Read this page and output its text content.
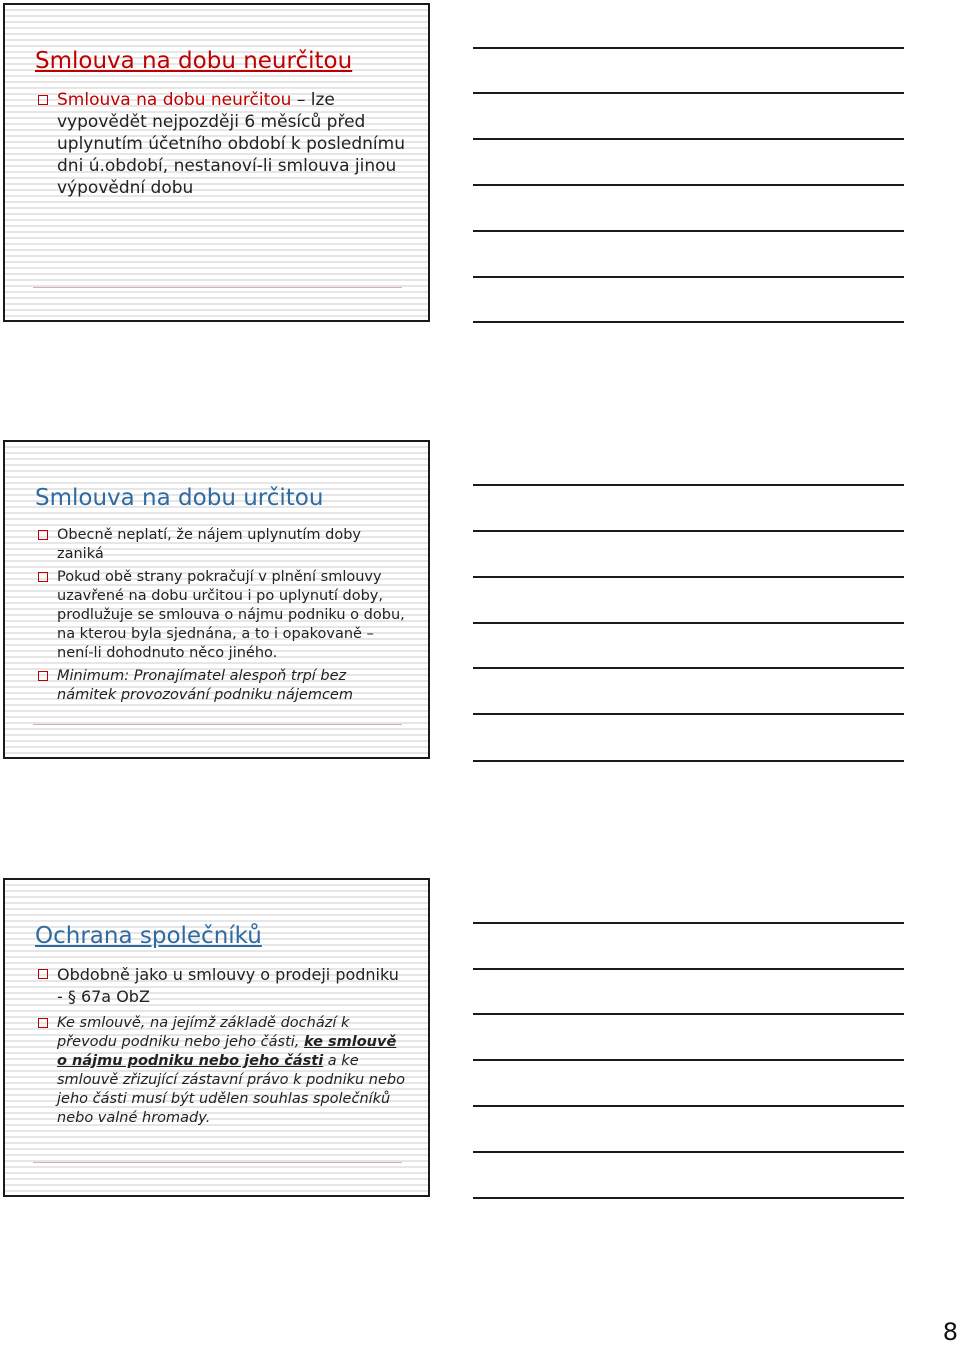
Smlouva na dobu neurčitou
Smlouva na dobu neurčitou – lze vypovědět nejpozději 6 měsíců před uplynutím účetního období k poslednímu dni ú.období, nestanoví-li smlouva jinou výpovědní dobu
Smlouva na dobu určitou
Obecně neplatí, že nájem uplynutím doby zaniká
Pokud obě strany pokračují v plnění smlouvy uzavřené na dobu určitou i po uplynutí doby, prodlužuje se smlouva o nájmu podniku o dobu, na kterou byla sjednána, a to i opakovaně – není-li dohodnuto něco jiného.
Minimum: Pronajímatel alespoň trpí bez námitek provozování podniku nájemcem
Ochrana společníků
Obdobně jako u smlouvy o prodeji podniku - § 67a ObZ
Ke smlouvě, na jejímž základě dochází k převodu podniku nebo jeho části, ke smlouvě o nájmu podniku nebo jeho části a ke smlouvě zřizující zástavní právo k podniku nebo jeho části musí být udělen souhlas společníků nebo valné hromady.
8
